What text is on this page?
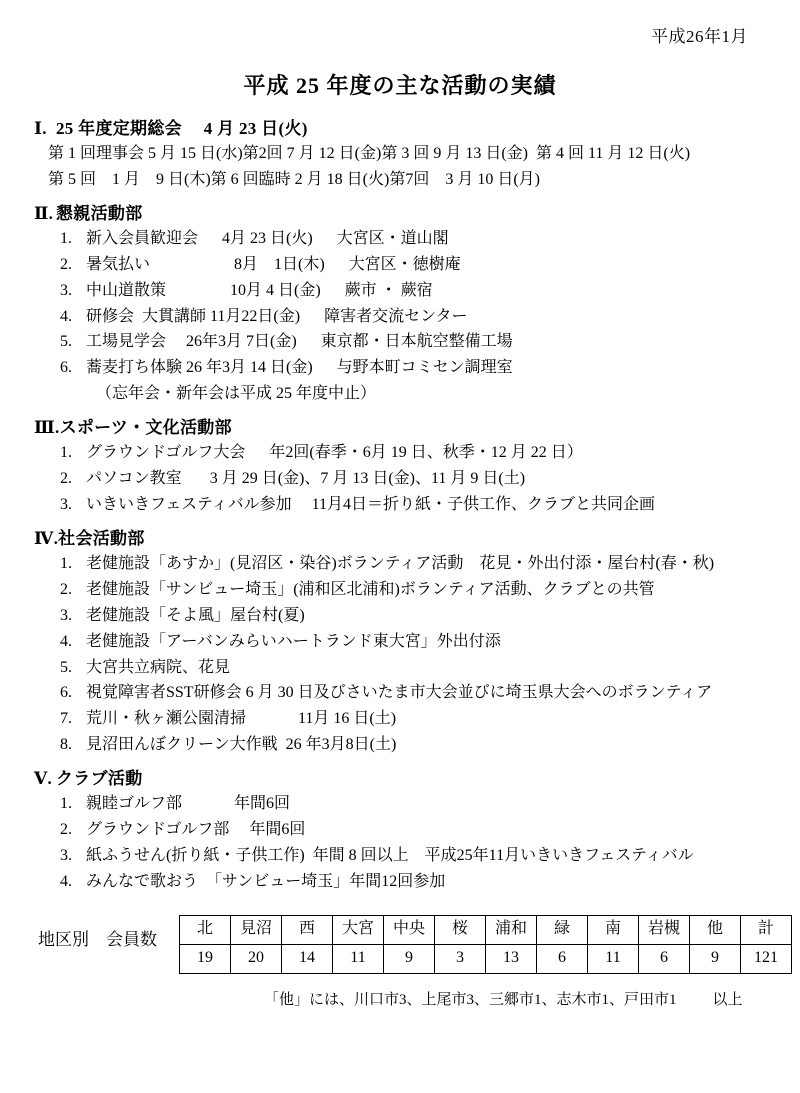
平成26年1月
平成 25 年度の主な活動の実績
Ⅰ. 25 年度定期総会　 4 月 23 日(火)
第 1 回理事会 5 月 15 日(水)第2回 7 月 12 日(金)第 3 回 9 月 13 日(金)  第 4 回 11 月 12 日(火)
第 5 回　1 月　9 日(木)第 6 回臨時 2 月 18 日(火)第7回　3 月 10 日(月)
Ⅱ. 懇親活動部
1. 新入会員歓迎会　  4月 23 日(火)　  大宮区・道山閣
2. 暑気払い　　　　 　8月　1日(木)　  大宮区・徳樹庵
3. 中山道散策　　　　10月 4 日(金)　  蕨市 ・ 蕨宿
4. 研修会  大貫講師 11月22日(金)　  障害者交流センター
5. 工場見学会　 26年3月 7日(金)　  東京都・日本航空整備工場
6. 蕎麦打ち体験 26 年3月 14 日(金)　  与野本町コミセン調理室
（忘年会・新年会は平成 25 年度中止）
Ⅲ.スポーツ・文化活動部
1. グラウンドゴルフ大会　  年2回(春季・6月 19 日、秋季・12 月 22 日）
2. パソコン教室　   3 月 29 日(金)、7 月 13 日(金)、11 月 9 日(土)
3. いきいきフェスティバル参加　 11月4日＝折り紙・子供工作、クラブと共同企画
Ⅳ.社会活動部
1. 老健施設「あすか」(見沼区・染谷)ボランティア活動　花見・外出付添・屋台村(春・秋)
2. 老健施設「サンビュー埼玉」(浦和区北浦和)ボランティア活動、クラブとの共管
3. 老健施設「そよ風」屋台村(夏)
4. 老健施設「アーバンみらいハートランド東大宮」外出付添
5. 大宮共立病院、花見
6. 視覚障害者SST研修会 6 月 30 日及びさいたま市大会並びに埼玉県大会へのボランティア
7. 荒川・秋ヶ瀬公園清掃　　　 11月 16 日(土)
8. 見沼田んぼクリーン大作戦  26 年3月8日(土)
Ⅴ. クラブ活動
1. 親睦ゴルフ部　　　 年間6回
2. グラウンドゴルフ部　 年間6回
3. 紙ふうせん(折り紙・子供工作)  年間 8 回以上　平成25年11月いきいきフェスティバル
4. みんなで歌おう　「サンビュー埼玉」年間12回参加
地区別　会員数
北	見沼	西	大宮	中央	桜	浦和	緑	南	岩槻	他	計
19	20	14	11	9	3	13	6	11	6	9	121
「他」には、川口市3、上尾市3、三郷市1、志木市1、戸田市1 以上
